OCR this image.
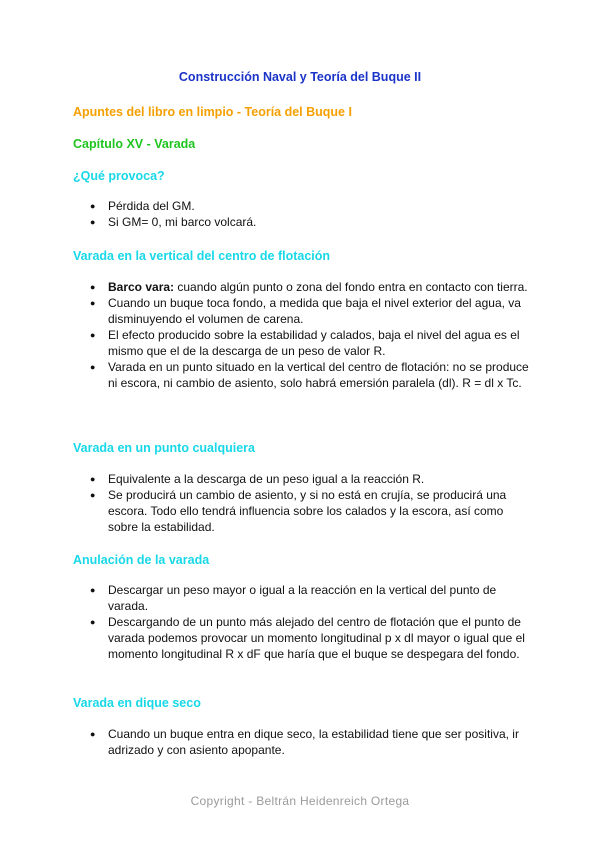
Construcción Naval y Teoría del Buque II
Apuntes del libro en limpio - Teoría del Buque I
Capítulo XV - Varada
¿Qué provoca?
● Pérdida del GM.
● Si GM= 0, mi barco volcará.
Varada en la vertical del centro de flotación
● Barco vara: cuando algún punto o zona del fondo entra en contacto con tierra.
● Cuando un buque toca fondo, a medida que baja el nivel exterior del agua, va disminuyendo el volumen de carena.
● El efecto producido sobre la estabilidad y calados, baja el nivel del agua es el mismo que el de la descarga de un peso de valor R.
● Varada en un punto situado en la vertical del centro de flotación: no se produce ni escora, ni cambio de asiento, solo habrá emersión paralela (dl). R = dl x Tc.
Varada en un punto cualquiera
● Equivalente a la descarga de un peso igual a la reacción R.
● Se producirá un cambio de asiento, y si no está en crujía, se producirá una escora. Todo ello tendrá influencia sobre los calados y la escora, así como sobre la estabilidad.
Anulación de la varada
● Descargar un peso mayor o igual a la reacción en la vertical del punto de varada.
● Descargando de un punto más alejado del centro de flotación que el punto de varada podemos provocar un momento longitudinal p x dl mayor o igual que el momento longitudinal R x dF que haría que el buque se despegara del fondo.
Varada en dique seco
● Cuando un buque entra en dique seco, la estabilidad tiene que ser positiva, ir adrizado y con asiento apopante.
Copyright - Beltrán Heidenreich Ortega
